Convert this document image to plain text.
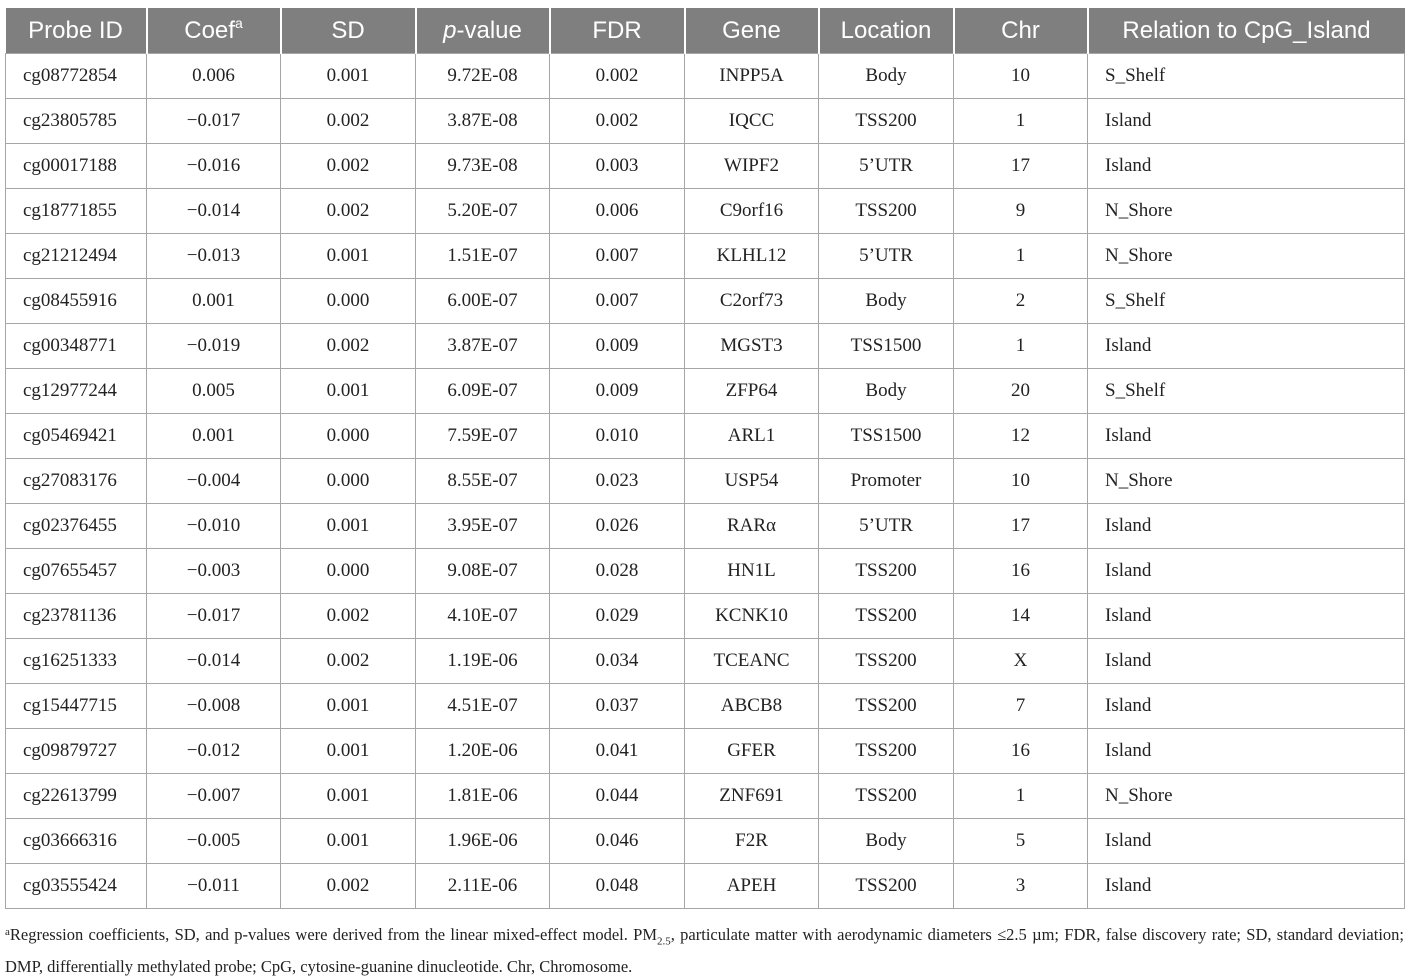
Probe ID	Coef$^a$	SD	p-value	FDR	Gene	Location	Chr	Relation to CpG_Island
cg08772854	0.006	0.001	9.72E-08	0.002	INPP5A	Body	10	S_Shelf
cg23805785	−0.017	0.002	3.87E-08	0.002	IQCC	TSS200	1	Island
cg00017188	−0.016	0.002	9.73E-08	0.003	WIPF2	5’UTR	17	Island
cg18771855	−0.014	0.002	5.20E-07	0.006	C9orf16	TSS200	9	N_Shore
cg21212494	−0.013	0.001	1.51E-07	0.007	KLHL12	5’UTR	1	N_Shore
cg08455916	0.001	0.000	6.00E-07	0.007	C2orf73	Body	2	S_Shelf
cg00348771	−0.019	0.002	3.87E-07	0.009	MGST3	TSS1500	1	Island
cg12977244	0.005	0.001	6.09E-07	0.009	ZFP64	Body	20	S_Shelf
cg05469421	0.001	0.000	7.59E-07	0.010	ARL1	TSS1500	12	Island
cg27083176	−0.004	0.000	8.55E-07	0.023	USP54	Promoter	10	N_Shore
cg02376455	−0.010	0.001	3.95E-07	0.026	RARα	5’UTR	17	Island
cg07655457	−0.003	0.000	9.08E-07	0.028	HN1L	TSS200	16	Island
cg23781136	−0.017	0.002	4.10E-07	0.029	KCNK10	TSS200	14	Island
cg16251333	−0.014	0.002	1.19E-06	0.034	TCEANC	TSS200	X	Island
cg15447715	−0.008	0.001	4.51E-07	0.037	ABCB8	TSS200	7	Island
cg09879727	−0.012	0.001	1.20E-06	0.041	GFER	TSS200	16	Island
cg22613799	−0.007	0.001	1.81E-06	0.044	ZNF691	TSS200	1	N_Shore
cg03666316	−0.005	0.001	1.96E-06	0.046	F2R	Body	5	Island
cg03555424	−0.011	0.002	2.11E-06	0.048	APEH	TSS200	3	Island
$^a$Regression coefficients, SD, and p-values were derived from the linear mixed-effect model. $PM_{2.5}$, particulate matter with aerodynamic diameters ≤2.5 µm; FDR, false discovery rate; SD, standard deviation; DMP, differentially methylated probe; CpG, cytosine-guanine dinucleotide. Chr, Chromosome.
